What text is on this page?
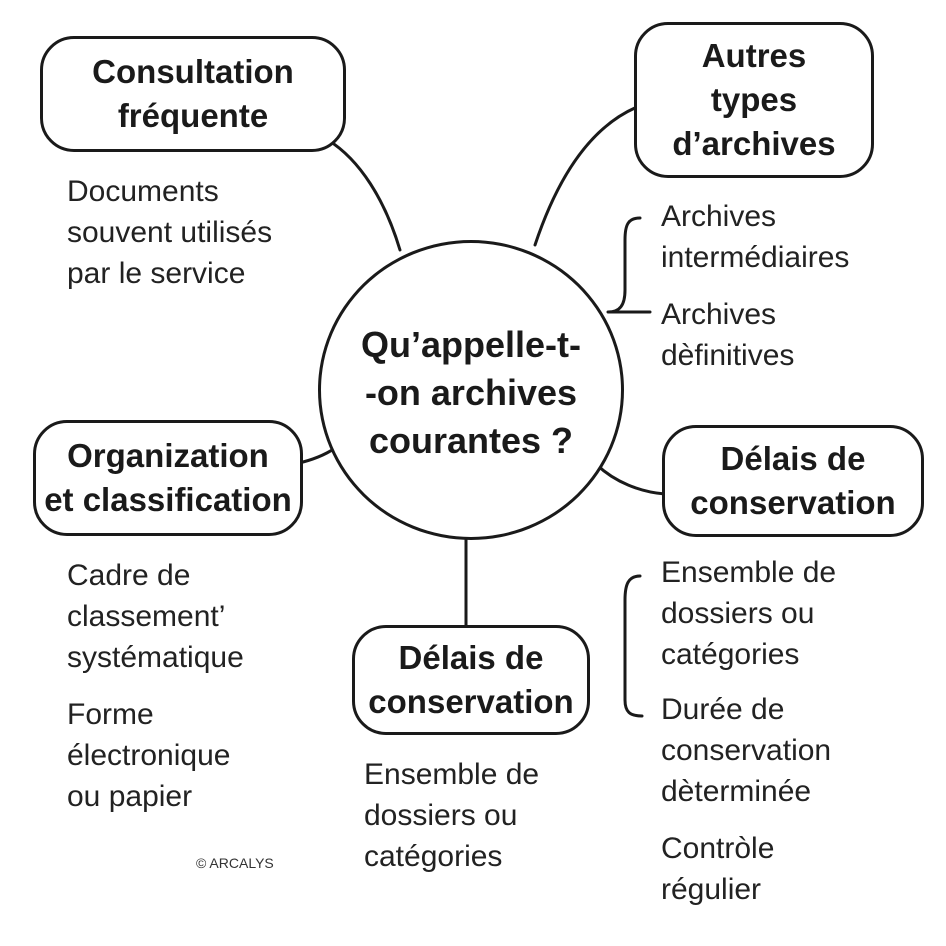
Qu’appelle-t-
-on archives
courantes ?
Consultation
fréquente
Documents
souvent utilisés
par le service
Autres
types
d’archives
Archives
intermédiaires
Archives
dèfinitives
Organization
et classification
Cadre de
classement’
systématique
Forme
électronique
ou papier
Délais de
conservation
Ensemble de
dossiers ou
catégories
Durée de
conservation
dèterminée
Contròle
régulier
Délais de
conservation
Ensemble de
dossiers ou
catégories
© ARCALYS
